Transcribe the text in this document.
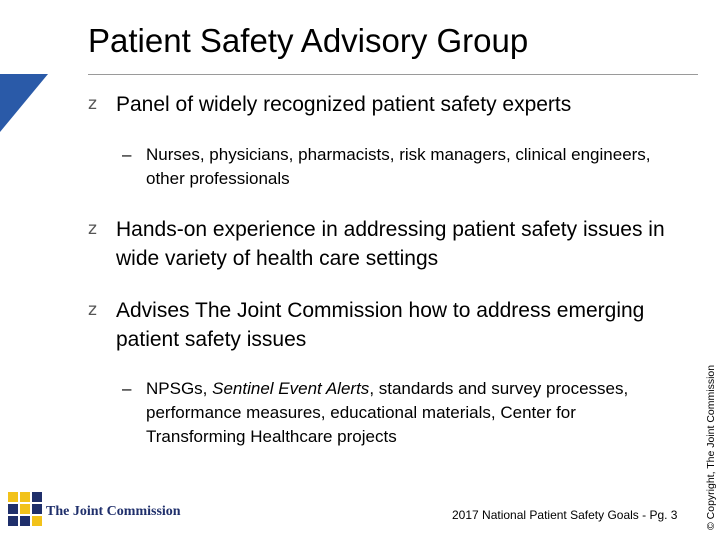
Patient Safety Advisory Group
z Panel of widely recognized patient safety experts
– Nurses, physicians, pharmacists, risk managers, clinical engineers, other professionals
z Hands-on experience in addressing patient safety issues in wide variety of health care settings
z Advises The Joint Commission how to address emerging patient safety issues
– NPSGs, Sentinel Event Alerts, standards and survey processes, performance measures, educational materials, Center for Transforming Healthcare projects	© Copyright, The Joint Commission
The Joint Commission	2017 National Patient Safety Goals - Pg. 3
